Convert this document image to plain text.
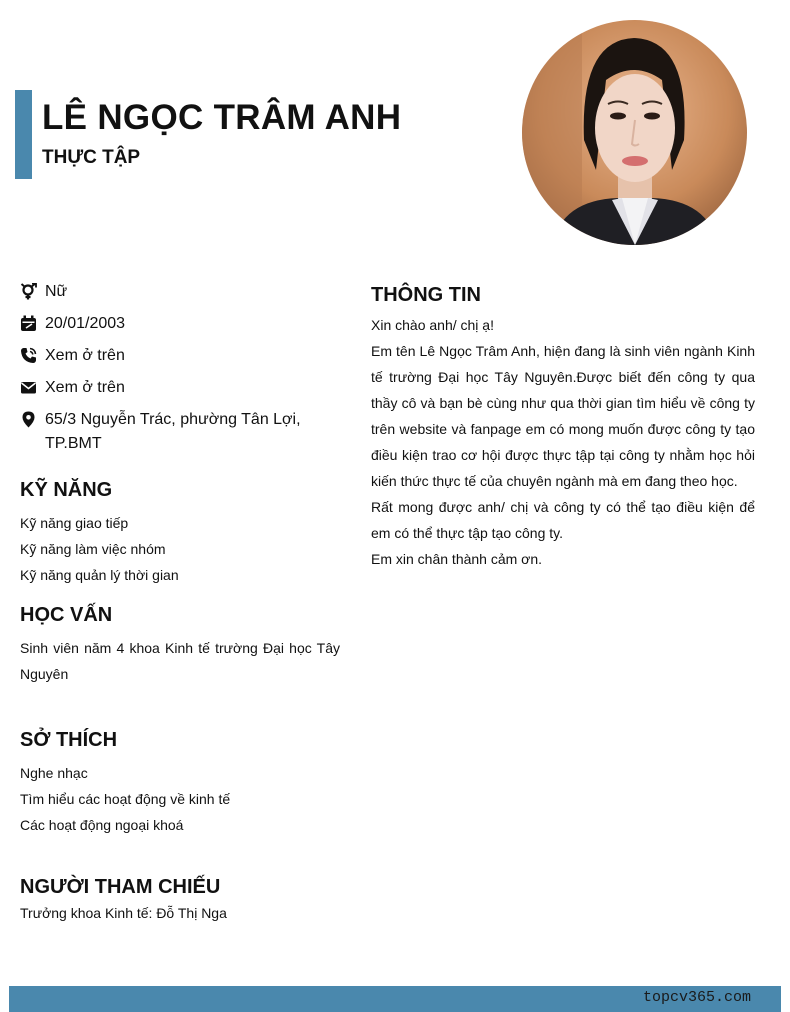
LÊ NGỌC TRÂM ANH
THỰC TẬP
Nữ
20/01/2003
Xem ở trên
Xem ở trên
65/3 Nguyễn Trác, phường Tân Lợi, TP.BMT
KỸ NĂNG
Kỹ năng giao tiếp
Kỹ năng làm việc nhóm
Kỹ năng quản lý thời gian
HỌC VẤN
Sinh viên năm 4 khoa Kinh tế trường Đại học Tây Nguyên
SỞ THÍCH
Nghe nhạc
Tìm hiểu các hoạt động về kinh tế
Các hoạt động ngoại khoá
NGƯỜI THAM CHIẾU
Trưởng khoa Kinh tế: Đỗ Thị Nga
THÔNG TIN
Xin chào anh/ chị ạ!
Em tên Lê Ngọc Trâm Anh, hiện đang là sinh viên ngành Kinh tế trường Đại học Tây Nguyên.Được biết đến công ty qua thầy cô và bạn bè cùng như qua thời gian tìm hiểu về công ty trên website và fanpage em có mong muốn được công ty tạo điều kiện trao cơ hội được thực tập tại công ty nhằm học hỏi kiến thức thực tế của chuyên ngành mà em đang theo học.
Rất mong được anh/ chị và công ty có thể tạo điều kiện để em có thể thực tập tạo công ty.
Em xin chân thành cảm ơn.
topcv365.com
